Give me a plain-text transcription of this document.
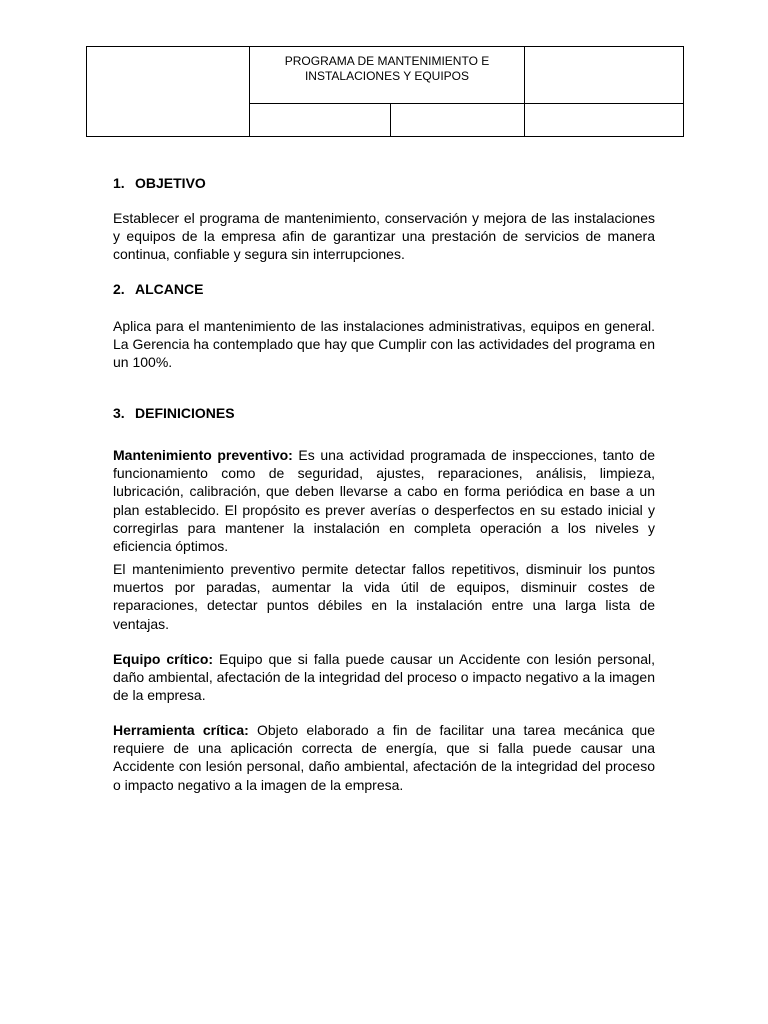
	PROGRAMA DE MANTENIMIENTO E
INSTALACIONES Y EQUIPOS		

1. OBJETIVO

Establecer el programa de mantenimiento, conservación y mejora de las instalaciones y equipos de la empresa afin de garantizar una prestación de servicios de manera continua, confiable y segura sin interrupciones.

2. ALCANCE

Aplica para el mantenimiento de las instalaciones administrativas, equipos en general. La Gerencia ha contemplado que hay que Cumplir con las actividades del programa en un 100%.

3. DEFINICIONES

Mantenimiento preventivo: Es una actividad programada de inspecciones, tanto de funcionamiento como de seguridad, ajustes, reparaciones, análisis, limpieza, lubricación, calibración, que deben llevarse a cabo en forma periódica en base a un plan establecido. El propósito es prever averías o desperfectos en su estado inicial y corregirlas para mantener la instalación en completa operación a los niveles y eficiencia óptimos.

El mantenimiento preventivo permite detectar fallos repetitivos, disminuir los puntos muertos por paradas, aumentar la vida útil de equipos, disminuir costes de reparaciones, detectar puntos débiles en la instalación entre una larga lista de ventajas.

Equipo crítico: Equipo que si falla puede causar un Accidente con lesión personal, daño ambiental, afectación de la integridad del proceso o impacto negativo a la imagen de la empresa.

Herramienta crítica: Objeto elaborado a fin de facilitar una tarea mecánica que requiere de una aplicación correcta de energía, que si falla puede causar una Accidente con lesión personal, daño ambiental, afectación de la integridad del proceso o impacto negativo a la imagen de la empresa.
